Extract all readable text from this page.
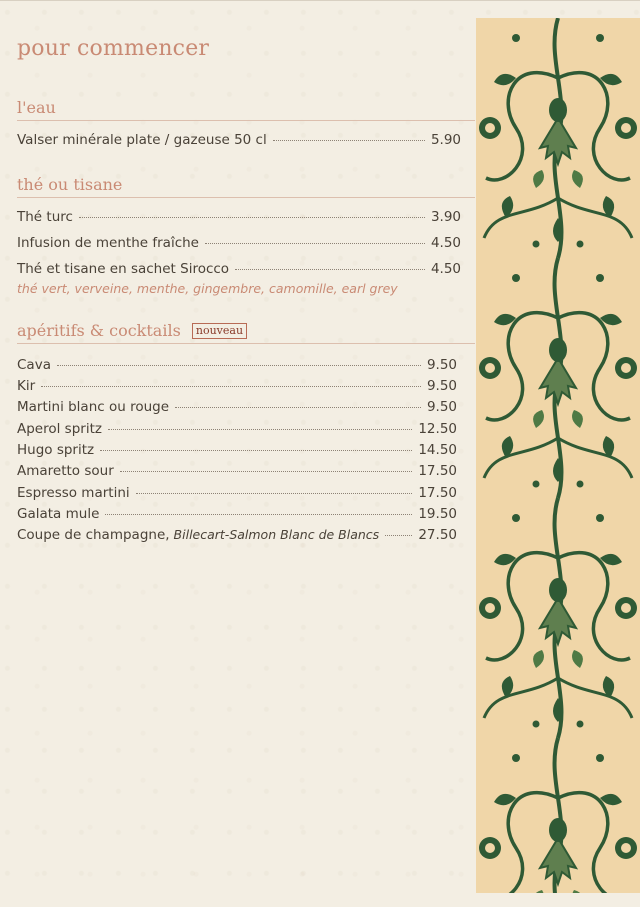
pour commencer
l'eau
Valser minérale plate / gazeuse 50 cl	5.90
thé ou tisane
Thé turc	3.90
Infusion de menthe fraîche	4.50
Thé et tisane en sachet Sirocco	4.50
thé vert, verveine, menthe, gingembre, camomille, earl grey
apéritifs & cocktails nouveau
Cava	9.50
Kir	9.50
Martini blanc ou rouge	9.50
Aperol spritz	12.50
Hugo spritz	14.50
Amaretto sour	17.50
Espresso martini	17.50
Galata mule	19.50
Coupe de champagne, Billecart-Salmon Blanc de Blancs	27.50
